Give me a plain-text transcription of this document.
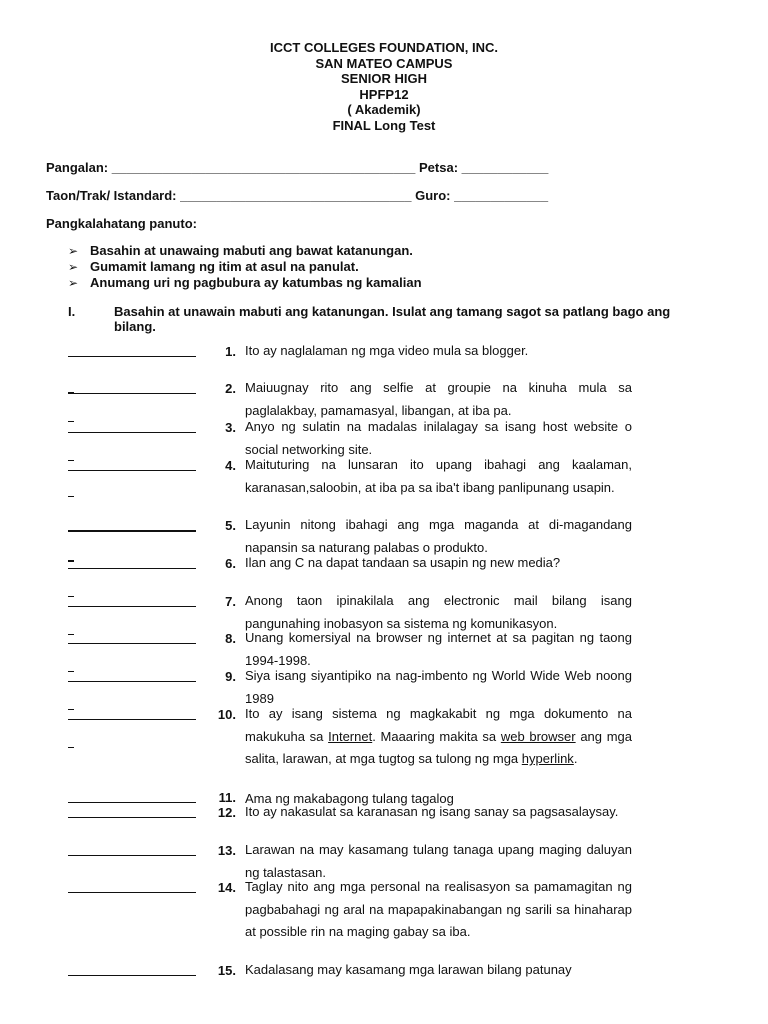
ICCT COLLEGES FOUNDATION, INC.
SAN MATEO CAMPUS
SENIOR HIGH
HPFP12
( Akademik)
FINAL Long Test
Pangalan: __________________________________________ Petsa: ____________
Taon/Trak/ Istandard: ________________________________ Guro: _____________
Pangkalahatang panuto:
➢ Basahin at unawaing mabuti ang bawat katanungan.
➢ Gumamit lamang ng itim at asul na panulat.
➢ Anumang uri ng pagbubura ay katumbas ng kamalian
I.	Basahin at unawain mabuti ang katanungan. Isulat ang tamang sagot sa patlang bago ang bilang.
1. Ito ay naglalaman ng mga video mula sa blogger.
2. Maiuugnay rito ang selfie at groupie na kinuha mula sa paglalakbay, pamamasyal, libangan, at iba pa.
3. Anyo ng sulatin na madalas inilalagay sa isang host website o social networking site.
4. Maituturing na lunsaran ito upang ibahagi ang kaalaman, karanasan,saloobin, at iba pa sa iba't ibang panlipunang usapin.
5. Layunin nitong ibahagi ang mga maganda at di-magandang napansin sa naturang palabas o produkto.
6. Ilan ang C na dapat tandaan sa usapin ng new media?
7. Anong taon ipinakilala ang electronic mail bilang isang pangunahing inobasyon sa sistema ng komunikasyon.
8. Unang komersiyal na browser ng internet at sa pagitan ng taong 1994-1998.
9. Siya isang siyantipiko na nag-imbento ng World Wide Web noong 1989
10. Ito ay isang sistema ng magkakabit ng mga dokumento na makukuha sa Internet. Maaaring makita sa web browser ang mga salita, larawan, at mga tugtog sa tulong ng mga hyperlink.
11. Ama ng makabagong tulang tagalog
12. Ito ay nakasulat sa karanasan ng isang sanay sa pagsasalaysay.
13. Larawan na may kasamang tulang tanaga upang maging daluyan ng talastasan.
14. Taglay nito ang mga personal na realisasyon sa pamamagitan ng pagbabahagi ng aral na mapapakinabangan ng sarili sa hinaharap at possible rin na maging gabay sa iba.
15. Kadalasang may kasamang mga larawan bilang patunay
